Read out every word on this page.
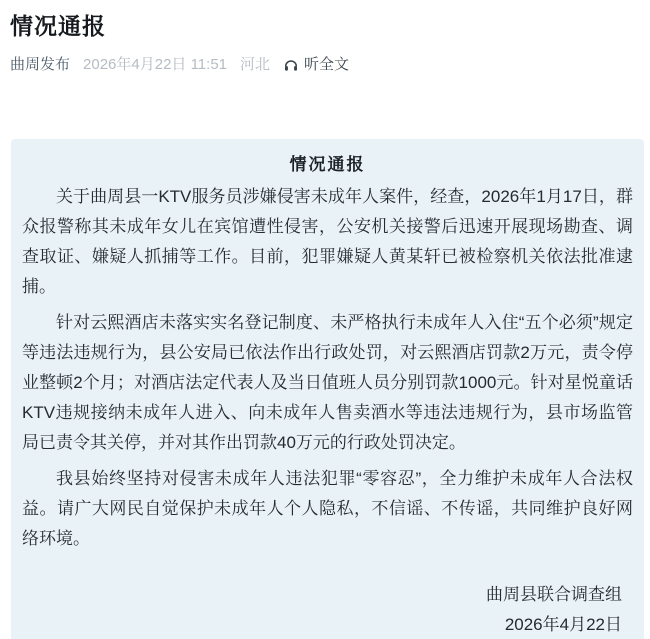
情况通报
曲周发布 2026年4月22日 11:51 河北 听全文
情况通报

关于曲周县一KTV服务员涉嫌侵害未成年人案件，经查，2026年1月17日，群众报警称其未成年女儿在宾馆遭性侵害，公安机关接警后迅速开展现场勘查、调查取证、嫌疑人抓捕等工作。目前，犯罪嫌疑人黄某轩已被检察机关依法批准逮捕。

针对云熙酒店未落实实名登记制度、未严格执行未成年人入住“五个必须”规定等违法违规行为，县公安局已依法作出行政处罚，对云熙酒店罚款2万元，责令停业整顿2个月；对酒店法定代表人及当日值班人员分别罚款1000元。针对星悦童话KTV违规接纳未成年人进入、向未成年人售卖酒水等违法违规行为，县市场监管局已责令其关停，并对其作出罚款40万元的行政处罚决定。

我县始终坚持对侵害未成年人违法犯罪“零容忍”，全力维护未成年人合法权益。请广大网民自觉保护未成年人个人隐私，不信谣、不传谣，共同维护良好网络环境。

曲周县联合调查组
2026年4月22日
